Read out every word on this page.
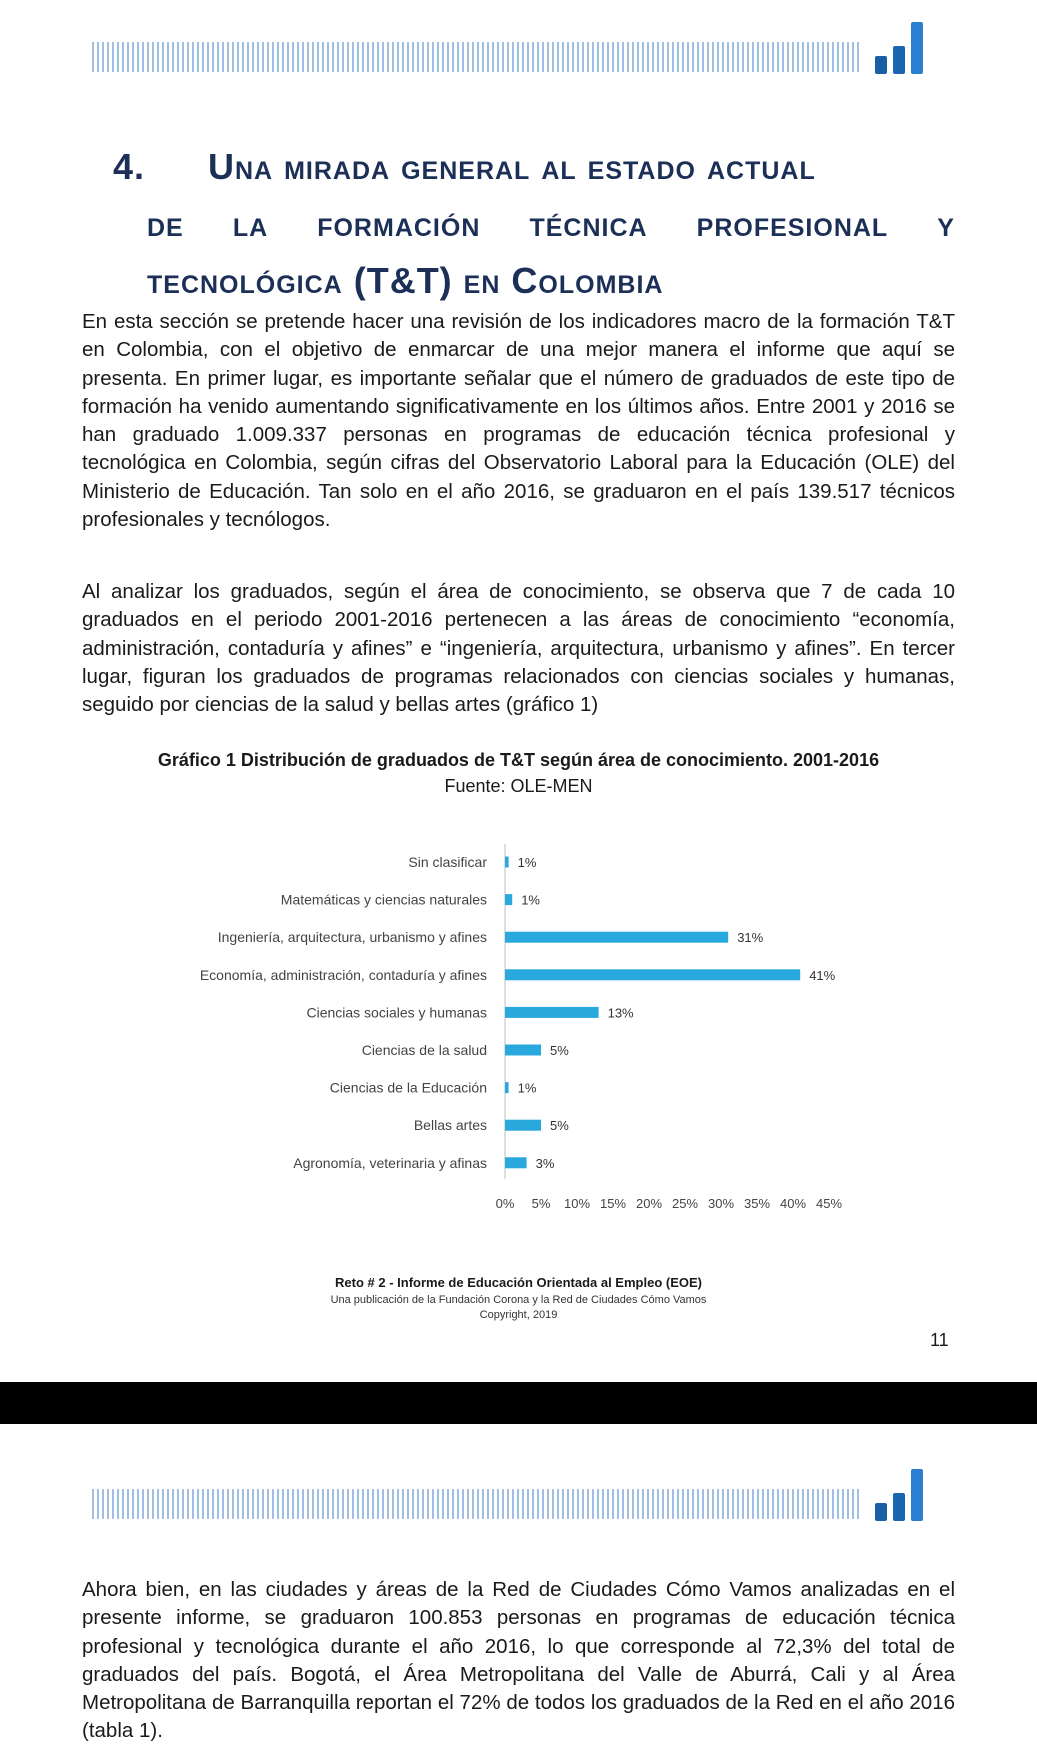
4. Una mirada general al estado actual
de la formación técnica profesional y
tecnológica (T&T) en Colombia

En esta sección se pretende hacer una revisión de los indicadores macro de la formación T&T en Colombia, con el objetivo de enmarcar de una mejor manera el informe que aquí se presenta. En primer lugar, es importante señalar que el número de graduados de este tipo de formación ha venido aumentando significativamente en los últimos años. Entre 2001 y 2016 se han graduado 1.009.337 personas en programas de educación técnica profesional y tecnológica en Colombia, según cifras del Observatorio Laboral para la Educación (OLE) del Ministerio de Educación. Tan solo en el año 2016, se graduaron en el país 139.517 técnicos profesionales y tecnólogos.

Al analizar los graduados, según el área de conocimiento, se observa que 7 de cada 10 graduados en el periodo 2001-2016 pertenecen a las áreas de conocimiento “economía, administración, contaduría y afines” e “ingeniería, arquitectura, urbanismo y afines”. En tercer lugar, figuran los graduados de programas relacionados con ciencias sociales y humanas, seguido por ciencias de la salud y bellas artes (gráfico 1)

Gráfico 1 Distribución de graduados de T&T según área de conocimiento. 2001-2016
Fuente: OLE-MEN
Sin clasificar 1%
Matemáticas y ciencias naturales	1%
Ingeniería, arquitectura, urbanismo y afines	31%
Economía, administración, contaduría y afines	41%
Ciencias sociales y humanas	13%
Ciencias de la salud	5%
Ciencias de la Educación 1%
Bellas artes	5%
Agronomía, veterinaria y afinas	3%
0% 5% 10% 15% 20% 25% 30% 35% 40% 45%
Reto # 2 - Informe de Educación Orientada al Empleo (EOE)
Una publicación de la Fundación Corona y la Red de Ciudades Cómo Vamos
Copyright, 2019
11

Ahora bien, en las ciudades y áreas de la Red de Ciudades Cómo Vamos analizadas en el presente informe, se graduaron 100.853 personas en programas de educación técnica profesional y tecnológica durante el año 2016, lo que corresponde al 72,3% del total de graduados del país. Bogotá, el Área Metropolitana del Valle de Aburrá, Cali y al Área Metropolitana de Barranquilla reportan el 72% de todos los graduados de la Red en el año 2016 (tabla 1).
